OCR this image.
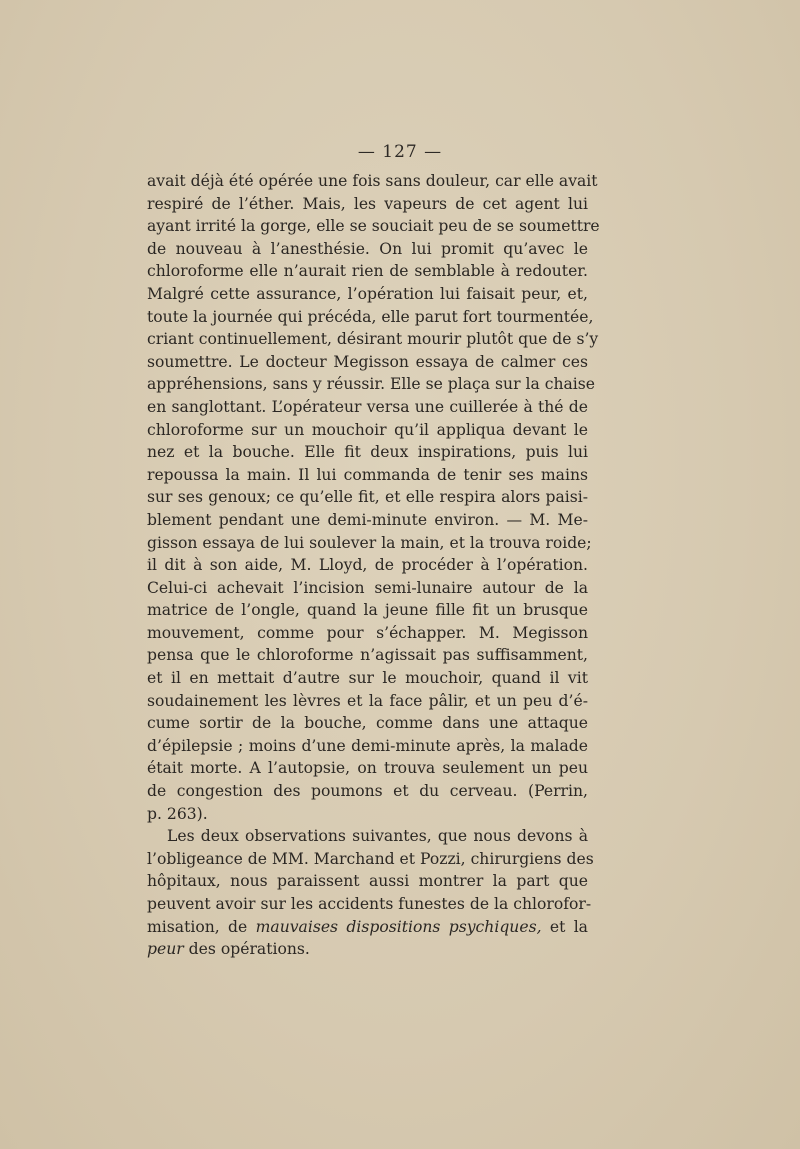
— 127 —
avait déjà été opérée une fois sans douleur, car elle avait
respiré de l’éther. Mais, les vapeurs de cet agent lui
ayant irrité la gorge, elle se souciait peu de se soumettre
de nouveau à l’anesthésie. On lui promit qu’avec le
chloroforme elle n’aurait rien de semblable à redouter.
Malgré cette assurance, l’opération lui faisait peur, et,
toute la journée qui précéda, elle parut fort tourmentée,
criant continuellement, désirant mourir plutôt que de s’y
soumettre. Le docteur Megisson essaya de calmer ces
appréhensions, sans y réussir. Elle se plaça sur la chaise
en sanglottant. L’opérateur versa une cuillerée à thé de
chloroforme sur un mouchoir qu’il appliqua devant le
nez et la bouche. Elle fit deux inspirations, puis lui
repoussa la main. Il lui commanda de tenir ses mains
sur ses genoux; ce qu’elle fit, et elle respira alors paisi-
blement pendant une demi-minute environ. — M. Me-
gisson essaya de lui soulever la main, et la trouva roide;
il dit à son aide, M. Lloyd, de procéder à l’opération.
Celui-ci achevait l’incision semi-lunaire autour de la
matrice de l’ongle, quand la jeune fille fit un brusque
mouvement, comme pour s’échapper. M. Megisson
pensa que le chloroforme n’agissait pas suffisamment,
et il en mettait d’autre sur le mouchoir, quand il vit
soudainement les lèvres et la face pâlir, et un peu d’é-
cume sortir de la bouche, comme dans une attaque
d’épilepsie ; moins d’une demi-minute après, la malade
était morte. A l’autopsie, on trouva seulement un peu
de congestion des poumons et du cerveau. (Perrin,
p. 263).
Les deux observations suivantes, que nous devons à
l’obligeance de MM. Marchand et Pozzi, chirurgiens des
hôpitaux, nous paraissent aussi montrer la part que
peuvent avoir sur les accidents funestes de la chlorofor-
misation, de mauvaises dispositions psychiques, et la
peur des opérations.
